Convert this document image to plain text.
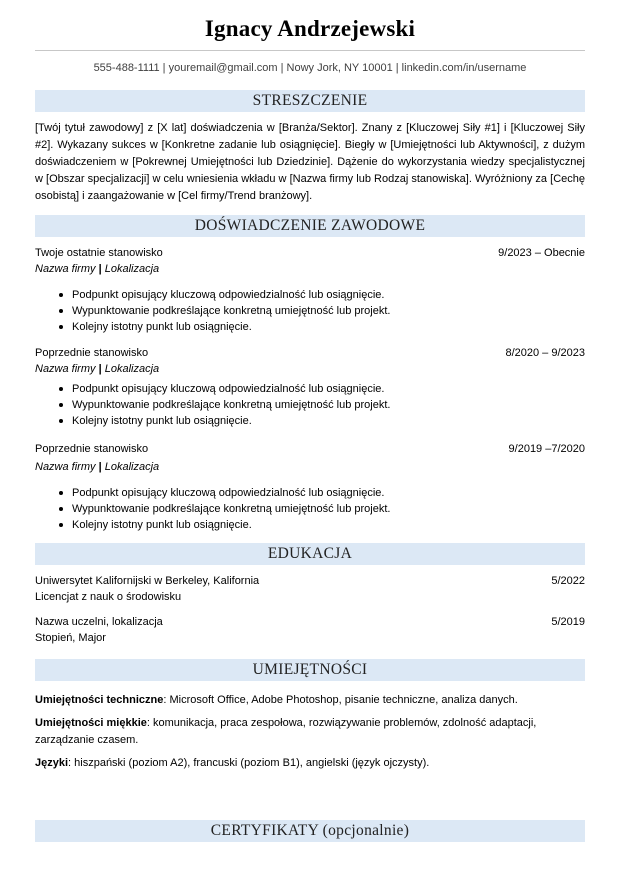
Ignacy Andrzejewski
555-488-1111 | youremail@gmail.com | Nowy Jork, NY 10001 | linkedin.com/in/username
STRESZCZENIE

[Twój tytuł zawodowy] z [X lat] doświadczenia w [Branża/Sektor]. Znany z [Kluczowej Siły #1] i [Kluczowej Siły #2]. Wykazany sukces w [Konkretne zadanie lub osiągnięcie]. Biegły w [Umiejętności lub Aktywności], z dużym doświadczeniem w [Pokrewnej Umiejętności lub Dziedzinie]. Dążenie do wykorzystania wiedzy specjalistycznej w [Obszar specjalizacji] w celu wniesienia wkładu w [Nazwa firmy lub Rodzaj stanowiska]. Wyróżniony za [Cechę osobistą] i zaangażowanie w [Cel firmy/Trend branżowy].

DOŚWIADCZENIE ZAWODOWE
Twoje ostatnie stanowisko	9/2023 – Obecnie
Nazwa firmy | Lokalizacja
Podpunkt opisujący kluczową odpowiedzialność lub osiągnięcie.
Wypunktowanie podkreślające konkretną umiejętność lub projekt.
Kolejny istotny punkt lub osiągnięcie.
Poprzednie stanowisko	8/2020 – 9/2023
Nazwa firmy | Lokalizacja
Podpunkt opisujący kluczową odpowiedzialność lub osiągnięcie.
Wypunktowanie podkreślające konkretną umiejętność lub projekt.
Kolejny istotny punkt lub osiągnięcie.
Poprzednie stanowisko	9/2019 –7/2020
Nazwa firmy | Lokalizacja
Podpunkt opisujący kluczową odpowiedzialność lub osiągnięcie.
Wypunktowanie podkreślające konkretną umiejętność lub projekt.
Kolejny istotny punkt lub osiągnięcie.
EDUKACJA
Uniwersytet Kalifornijski w Berkeley, Kalifornia	5/2022
Licencjat z nauk o środowisku
Nazwa uczelni, lokalizacja	5/2019
Stopień, Major
UMIEJĘTNOŚCI

Umiejętności techniczne: Microsoft Office, Adobe Photoshop, pisanie techniczne, analiza danych.

Umiejętności miękkie: komunikacja, praca zespołowa, rozwiązywanie problemów, zdolność adaptacji, zarządzanie czasem.

Języki: hiszpański (poziom A2), francuski (poziom B1), angielski (język ojczysty).

CERTYFIKATY (opcjonalnie)
